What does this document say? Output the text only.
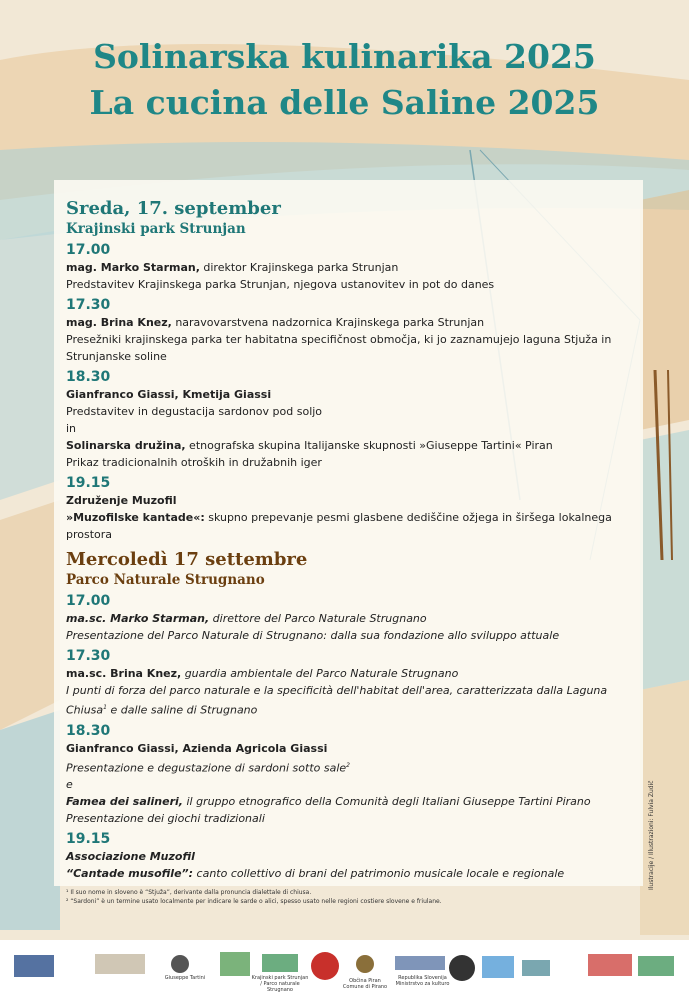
Solinarska kulinarika 2025
La cucina delle Saline 2025
Sreda, 17. september
Krajinski park Strunjan
17.00
mag. Marko Starman, direktor Krajinskega parka Strunjan
Predstavitev Krajinskega parka Strunjan, njegova ustanovitev in pot do danes
17.30
mag. Brina Knez, naravovarstvena nadzornica Krajinskega parka Strunjan
Presežniki krajinskega parka ter habitatna specifičnost območja, ki jo zaznamujejo laguna Stjuža in Strunjanske soline
18.30
Gianfranco Giassi, Kmetija Giassi
Predstavitev in degustacija sardonov pod soljo
in
Solinarska družina, etnografska skupina Italijanske skupnosti »Giuseppe Tartini« Piran
Prikaz tradicionalnih otroških in družabnih iger
19.15
Združenje Muzofil
»Muzofilske kantade«: skupno prepevanje pesmi glasbene dediščine ožjega in širšega lokalnega prostora
Mercoledì 17 settembre
Parco Naturale Strugnano
17.00
ma.sc. Marko Starman, direttore del Parco Naturale Strugnano
Presentazione del Parco Naturale di Strugnano: dalla sua fondazione allo sviluppo attuale
17.30
ma.sc. Brina Knez, guardia ambientale del Parco Naturale Strugnano
I punti di forza del parco naturale e la specificità dell'habitat dell'area, caratterizzata dalla Laguna Chiusa$^1$ e dalle saline di Strugnano
18.30
Gianfranco Giassi, Azienda Agricola Giassi
Presentazione e degustazione di sardoni sotto sale$^2$
e
Famea dei salineri, il gruppo etnografico della Comunità degli Italiani Giuseppe Tartini Pirano
Presentazione dei giochi tradizionali
19.15
Associazione Muzofil
“Cantade musofile”: canto collettivo di brani del patrimonio musicale locale e regionale
¹ Il suo nome in sloveno è “Stjuža”, derivante dalla pronuncia dialettale di chiusa.
² “Sardoni” è un termine usato localmente per indicare le sarde o alici, spesso usato nelle regioni costiere slovene e friulane.
Ilustracije / Illustrazioni: Fulvia Zudič
Krajinski park Strunjan / Parco naturale Strugnano
Giuseppe Tartini	Republika Slovenija Ministrstvo za kulturo
Občina Piran Comune di Pirano
